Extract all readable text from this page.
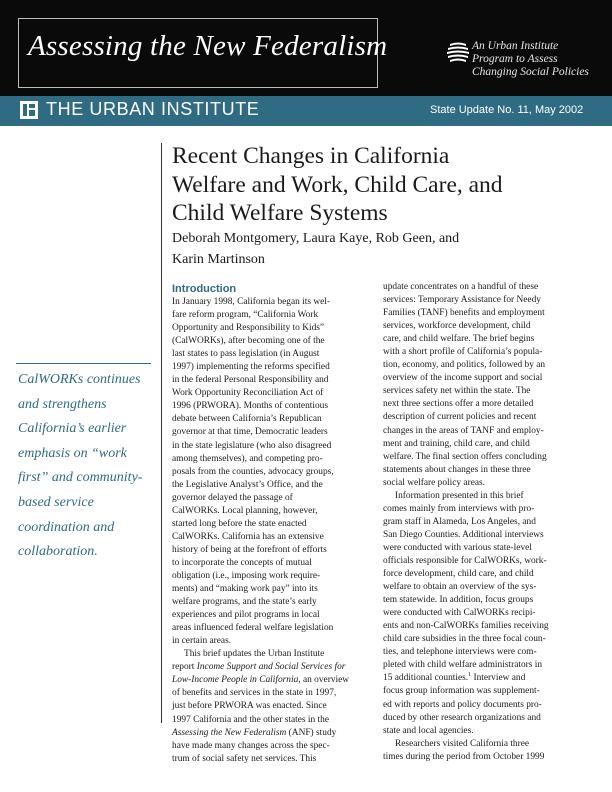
Assessing the New Federalism	An Urban Institute
Program to Assess
Changing Social Policies
THE URBAN INSTITUTE	State Update No. 11, May 2002
Recent Changes in California
Welfare and Work, Child Care, and
Child Welfare Systems
Deborah Montgomery, Laura Kaye, Rob Geen, and
Karin Martinson
CalWORKs continues
and strengthens
California’s earlier
emphasis on “work
first” and community-
based service
coordination and
collaboration.
Introduction
In January 1998, California began its wel-
fare reform program, “California Work
Opportunity and Responsibility to Kids”
(CalWORKs), after becoming one of the
last states to pass legislation (in August
1997) implementing the reforms specified
in the federal Personal Responsibility and
Work Opportunity Reconciliation Act of
1996 (PRWORA). Months of contentious
debate between California’s Republican
governor at that time, Democratic leaders
in the state legislature (who also disagreed
among themselves), and competing pro-
posals from the counties, advocacy groups,
the Legislative Analyst’s Office, and the
governor delayed the passage of
CalWORKs. Local planning, however,
started long before the state enacted
CalWORKs. California has an extensive
history of being at the forefront of efforts
to incorporate the concepts of mutual
obligation (i.e., imposing work require-
ments) and “making work pay” into its
welfare programs, and the state’s early
experiences and pilot programs in local
areas influenced federal welfare legislation
in certain areas.
This brief updates the Urban Institute
report Income Support and Social Services for
Low-Income People in California, an overview
of benefits and services in the state in 1997,
just before PRWORA was enacted. Since
1997 California and the other states in the
Assessing the New Federalism (ANF) study
have made many changes across the spec-
trum of social safety net services. This
update concentrates on a handful of these
services: Temporary Assistance for Needy
Families (TANF) benefits and employment
services, workforce development, child
care, and child welfare. The brief begins
with a short profile of California’s popula-
tion, economy, and politics, followed by an
overview of the income support and social
services safety net within the state. The
next three sections offer a more detailed
description of current policies and recent
changes in the areas of TANF and employ-
ment and training, child care, and child
welfare. The final section offers concluding
statements about changes in these three
social welfare policy areas.
Information presented in this brief
comes mainly from interviews with pro-
gram staff in Alameda, Los Angeles, and
San Diego Counties. Additional interviews
were conducted with various state-level
officials responsible for CalWORKs, work-
force development, child care, and child
welfare to obtain an overview of the sys-
tem statewide. In addition, focus groups
were conducted with CalWORKs recipi-
ents and non-CalWORKs families receiving
child care subsidies in the three focal coun-
ties, and telephone interviews were com-
pleted with child welfare administrators in
15 additional counties.$^1$ Interview and
focus group information was supplement-
ed with reports and policy documents pro-
duced by other research organizations and
state and local agencies.
Researchers visited California three
times during the period from October 1999
